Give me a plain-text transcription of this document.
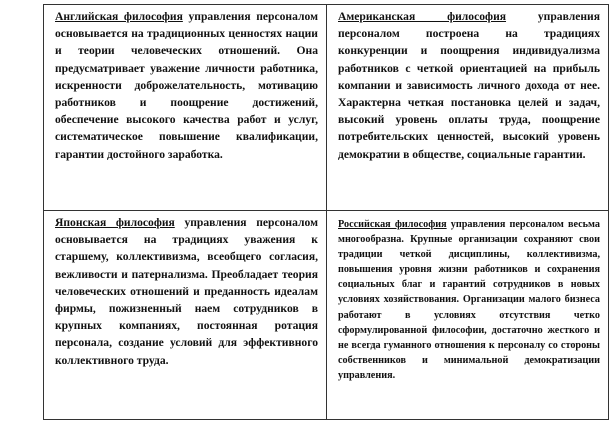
Английская философия управления персоналом основывается на традиционных ценностях нации и теории человеческих отношений. Она предусматривает уважение личности работника, искренности доброжелательность, мотивацию работников и поощрение достижений, обеспечение высокого качества работ и услуг, систематическое повышение квалификации, гарантии достойного заработка.
Американская философия управления персоналом построена на традициях конкуренции и поощрения индивидуализма работников с четкой ориентацией на прибыль компании и зависимость личного дохода от нее. Характерна четкая постановка целей и задач, высокий уровень оплаты труда, поощрение потребительских ценностей, высокий уровень демократии в обществе, социальные гарантии.
Японская философия управления персоналом основывается на традициях уважения к старшему, коллективизма, всеобщего согласия, вежливости и патернализма. Преобладает теория человеческих отношений и преданность идеалам фирмы, пожизненный наем сотрудников в крупных компаниях, постоянная ротация персонала, создание условий для эффективного коллективного труда.
Российская философия управления персоналом весьма многообразна. Крупные организации сохраняют свои традиции четкой дисциплины, коллективизма, повышения уровня жизни работников и сохранения социальных благ и гарантий сотрудников в новых условиях хозяйствования. Организации малого бизнеса работают в условиях отсутствия четко сформулированной философии, достаточно жесткого и не всегда гуманного отношения к персоналу со стороны собственников и минимальной демократизации управления.
